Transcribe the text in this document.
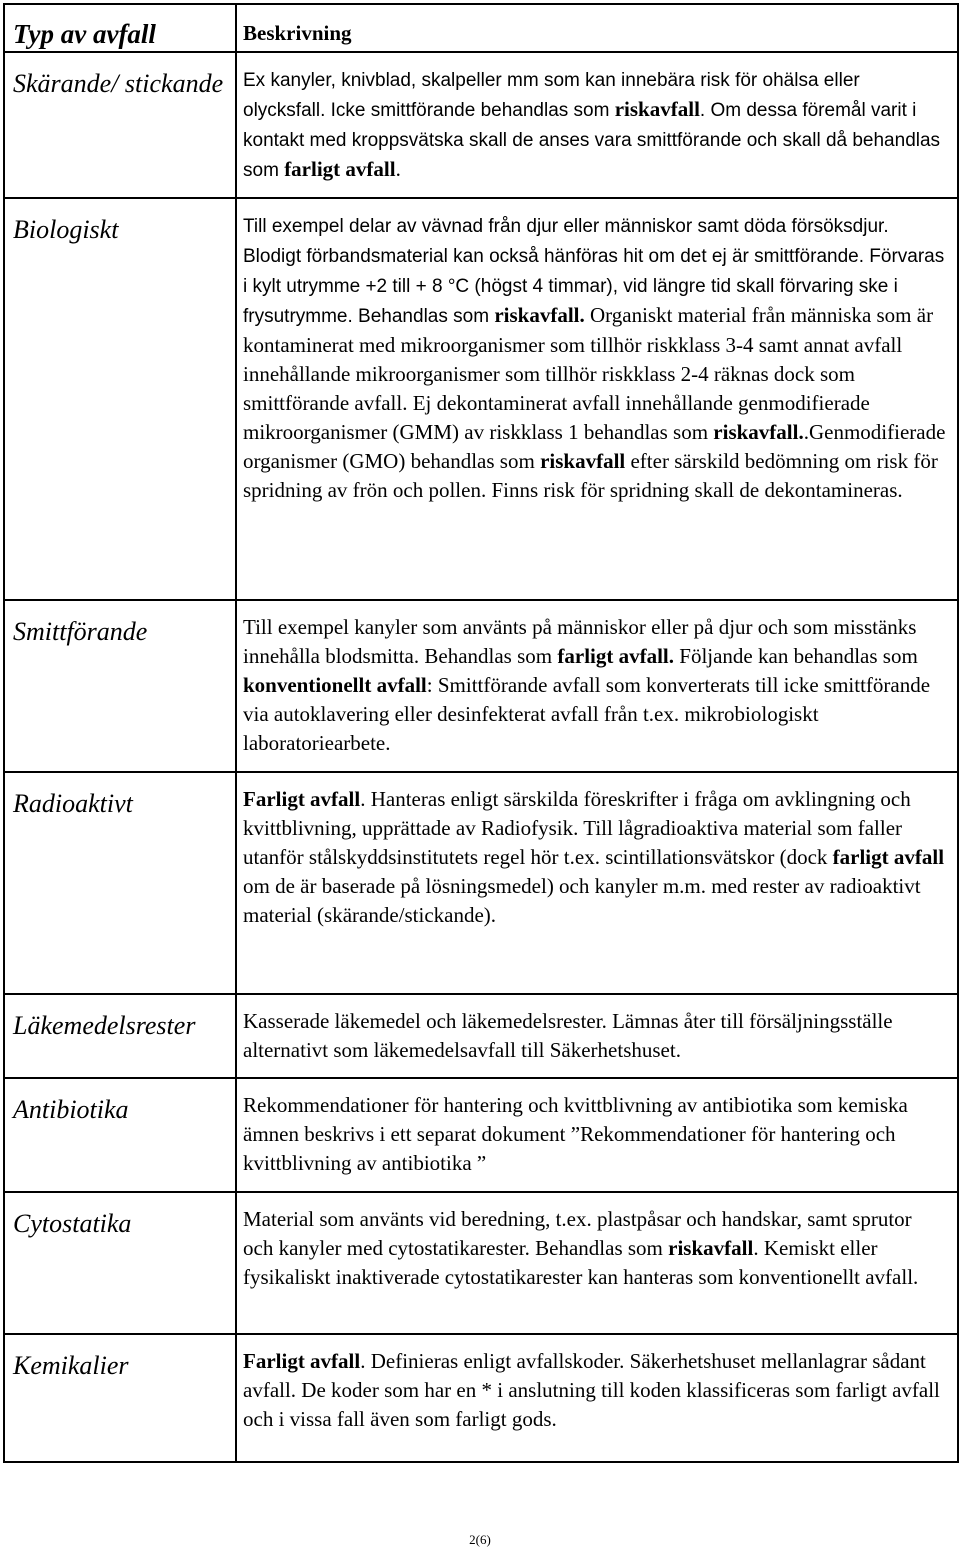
Typ av avfall	Beskrivning
Skärande/ stickande	Ex kanyler, knivblad, skalpeller mm som kan innebära risk för ohälsa eller olycksfall. Icke smittförande behandlas som riskavfall. Om dessa föremål varit i kontakt med kroppsvätska skall de anses vara smittförande och skall då behandlas som farligt avfall.

Biologiskt	Till exempel delar av vävnad från djur eller människor samt döda försöksdjur. Blodigt förbandsmaterial kan också hänföras hit om det ej är smittförande. Förvaras i kylt utrymme +2 till + 8 °C (högst 4 timmar), vid längre tid skall förvaring ske i frysutrymme. Behandlas som riskavfall. Organiskt material från människa som är kontaminerat med mikroorganismer som tillhör riskklass 3-4 samt annat avfall innehållande mikroorganismer som tillhör riskklass 2-4 räknas dock som smittförande avfall. Ej dekontaminerat avfall innehållande genmodifierade mikroorganismer (GMM) av riskklass 1 behandlas som riskavfall..Genmodifierade organismer (GMO) behandlas som riskavfall efter särskild bedömning om risk för spridning av frön och pollen. Finns risk för spridning skall de dekontamineras.

Smittförande	Till exempel kanyler som använts på människor eller på djur och som misstänks innehålla blodsmitta. Behandlas som farligt avfall. Följande kan behandlas som konventionellt avfall: Smittförande avfall som konverterats till icke smittförande via autoklavering eller desinfekterat avfall från t.ex. mikrobiologiskt laboratoriearbete.

Radioaktivt	Farligt avfall. Hanteras enligt särskilda föreskrifter i fråga om avklingning och kvittblivning, upprättade av Radiofysik. Till lågradioaktiva material som faller utanför stålskyddsinstitutets regel hör t.ex. scintillationsvätskor (dock farligt avfall om de är baserade på lösningsmedel) och kanyler m.m. med rester av radioaktivt material (skärande/stickande).

Läkemedelsrester	Kasserade läkemedel och läkemedelsrester. Lämnas åter till försäljningsställe alternativt som läkemedelsavfall till Säkerhetshuset.

Antibiotika	Rekommendationer för hantering och kvittblivning av antibiotika som kemiska ämnen beskrivs i ett separat dokument ”Rekommendationer för hantering och kvittblivning av antibiotika ”

Cytostatika	Material som använts vid beredning, t.ex. plastpåsar och handskar, samt sprutor och kanyler med cytostatikarester. Behandlas som riskavfall. Kemiskt eller fysikaliskt inaktiverade cytostatikarester kan hanteras som konventionellt avfall.

Kemikalier	Farligt avfall. Definieras enligt avfallskoder. Säkerhetshuset mellanlagrar sådant avfall. De koder som har en * i anslutning till koden klassificeras som farligt avfall och i vissa fall även som farligt gods.

2(6)
